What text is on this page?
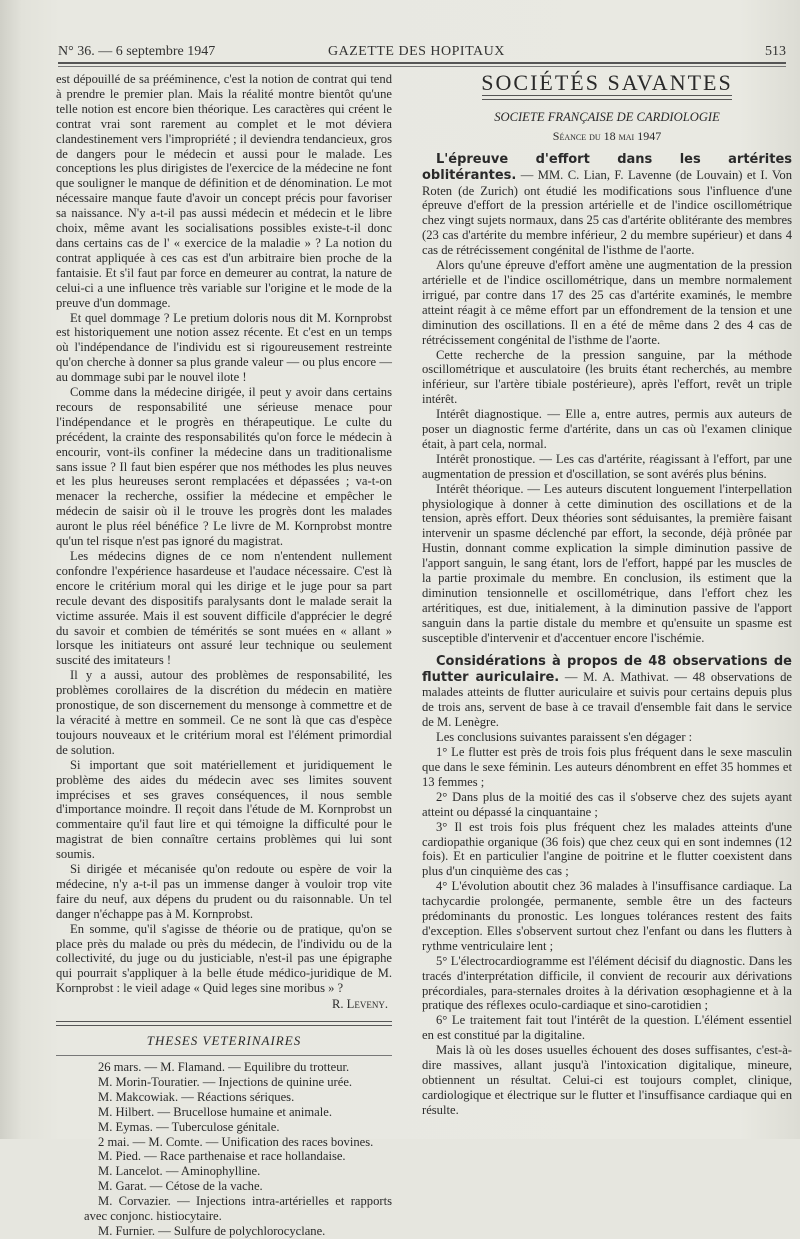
N° 36. — 6 septembre 1947	GAZETTE DES HOPITAUX	513

est dépouillé de sa prééminence, c'est la notion de contrat qui tend à prendre le premier plan. Mais la réalité montre bientôt qu'une telle notion est encore bien théorique. Les caractères qui créent le contrat vrai sont rarement au complet et le mot déviera clandestinement vers l'impropriété ; il deviendra tendancieux, gros de dangers pour le médecin et aussi pour le malade. Les conceptions les plus dirigistes de l'exercice de la médecine ne font que souligner le manque de définition et de dénomination. Le mot nécessaire manque faute d'avoir un concept précis pour favoriser sa naissance. N'y a-t-il pas aussi médecin et médecin et le libre choix, même avant les socialisations possibles existe-t-il donc dans certains cas de l' « exercice de la maladie » ? La notion du contrat appliquée à ces cas est d'un arbitraire bien proche de la fantaisie. Et s'il faut par force en demeurer au contrat, la nature de celui-ci a une influence très variable sur l'origine et le mode de la preuve d'un dommage.

Et quel dommage ? Le pretium doloris nous dit M. Kornprobst est historiquement une notion assez récente. Et c'est en un temps où l'indépendance de l'individu est si rigoureusement restreinte qu'on cherche à donner sa plus grande valeur — ou plus encore — au dommage subi par le nouvel ilote !

Comme dans la médecine dirigée, il peut y avoir dans certains recours de responsabilité une sérieuse menace pour l'indépendance et le progrès en thérapeutique. Le culte du précédent, la crainte des responsabilités qu'on force le médecin à encourir, vont-ils confiner la médecine dans un traditionalisme sans issue ? Il faut bien espérer que nos méthodes les plus neuves et les plus heureuses seront remplacées et dépassées ; va-t-on menacer la recherche, ossifier la médecine et empêcher le médecin de saisir où il le trouve les progrès dont les malades auront le plus réel bénéfice ? Le livre de M. Kornprobst montre qu'un tel risque n'est pas ignoré du magistrat.

Les médecins dignes de ce nom n'entendent nullement confondre l'expérience hasardeuse et l'audace nécessaire. C'est là encore le critérium moral qui les dirige et le juge pour sa part recule devant des dispositifs paralysants dont le malade serait la victime assurée. Mais il est souvent difficile d'apprécier le degré du savoir et combien de témérités se sont muées en « allant » lorsque les initiateurs ont assuré leur technique ou seulement suscité des imitateurs !

Il y a aussi, autour des problèmes de responsabilité, les problèmes corollaires de la discrétion du médecin en matière pronostique, de son discernement du mensonge à commettre et de la véracité à mettre en sommeil. Ce ne sont là que cas d'espèce toujours nouveaux et le critérium moral est l'élément primordial de solution.

Si important que soit matériellement et juridiquement le problème des aides du médecin avec ses limites souvent imprécises et ses graves conséquences, il nous semble d'importance moindre. Il reçoit dans l'étude de M. Kornprobst un commentaire qu'il faut lire et qui témoigne la difficulté pour le magistrat de bien connaître certains problèmes qui lui sont soumis.

Si dirigée et mécanisée qu'on redoute ou espère de voir la médecine, n'y a-t-il pas un immense danger à vouloir trop vite faire du neuf, aux dépens du prudent ou du raisonnable. Un tel danger n'échappe pas à M. Kornprobst.

En somme, qu'il s'agisse de théorie ou de pratique, qu'on se place près du malade ou près du médecin, de l'individu ou de la collectivité, du juge ou du justiciable, n'est-il pas une épigraphe qui pourrait s'appliquer à la belle étude médico-juridique de M. Kornprobst : le vieil adage « Quid leges sine moribus » ?

R. Leveny.
THESES VETERINAIRES

26 mars. — M. Flamand. — Equilibre du trotteur.

M. Morin-Touratier. — Injections de quinine urée.

M. Makcowiak. — Réactions sériques.

M. Hilbert. — Brucellose humaine et animale.

M. Eymas. — Tuberculose génitale.

2 mai. — M. Comte. — Unification des races bovines.

M. Pied. — Race parthenaise et race hollandaise.

M. Lancelot. — Aminophylline.

M. Garat. — Cétose de la vache.

M. Corvazier. — Injections intra-artérielles et rapports avec conjonc. histiocytaire.

M. Furnier. — Sulfure de polychlorocyclane.

SOCIÉTÉS SAVANTES
SOCIETE FRANÇAISE DE CARDIOLOGIE
Séance du 18 mai 1947

L'épreuve d'effort dans les artérites oblitérantes. — MM. C. Lian, F. Lavenne (de Louvain) et I. Von Roten (de Zurich) ont étudié les modifications sous l'influence d'une épreuve d'effort de la pression artérielle et de l'indice oscillométrique chez vingt sujets normaux, dans 25 cas d'artérite oblitérante des membres (23 cas d'artérite du membre inférieur, 2 du membre supérieur) et dans 4 cas de rétrécissement congénital de l'isthme de l'aorte.

Alors qu'une épreuve d'effort amène une augmentation de la pression artérielle et de l'indice oscillométrique, dans un membre normalement irrigué, par contre dans 17 des 25 cas d'artérite examinés, le membre atteint réagit à ce même effort par un effondrement de la tension et une diminution des oscillations. Il en a été de même dans 2 des 4 cas de rétrécissement congénital de l'isthme de l'aorte.

Cette recherche de la pression sanguine, par la méthode oscillométrique et ausculatoire (les bruits étant recherchés, au membre inférieur, sur l'artère tibiale postérieure), après l'effort, revêt un triple intérêt.

Intérêt diagnostique. — Elle a, entre autres, permis aux auteurs de poser un diagnostic ferme d'artérite, dans un cas où l'examen clinique était, à part cela, normal.

Intérêt pronostique. — Les cas d'artérite, réagissant à l'effort, par une augmentation de pression et d'oscillation, se sont avérés plus bénins.

Intérêt théorique. — Les auteurs discutent longuement l'interpellation physiologique à donner à cette diminution des oscillations et de la tension, après effort. Deux théories sont séduisantes, la première faisant intervenir un spasme déclenché par effort, la seconde, déjà prônée par Hustin, donnant comme explication la simple diminution passive de l'apport sanguin, le sang étant, lors de l'effort, happé par les muscles de la partie proximale du membre. En conclusion, ils estiment que la diminution tensionnelle et oscillométrique, dans l'effort chez les artéritiques, est due, initialement, à la diminution passive de l'apport sanguin dans la partie distale du membre et qu'ensuite un spasme est susceptible d'intervenir et d'accentuer encore l'ischémie.

Considérations à propos de 48 observations de flutter auriculaire. — M. A. Mathivat. — 48 observations de malades atteints de flutter auriculaire et suivis pour certains depuis plus de trois ans, servent de base à ce travail d'ensemble fait dans le service de M. Lenègre.

Les conclusions suivantes paraissent s'en dégager :

1° Le flutter est près de trois fois plus fréquent dans le sexe masculin que dans le sexe féminin. Les auteurs dénombrent en effet 35 hommes et 13 femmes ;

2° Dans plus de la moitié des cas il s'observe chez des sujets ayant atteint ou dépassé la cinquantaine ;

3° Il est trois fois plus fréquent chez les malades atteints d'une cardiopathie organique (36 fois) que chez ceux qui en sont indemnes (12 fois). Et en particulier l'angine de poitrine et le flutter coexistent dans plus d'un cinquième des cas ;

4° L'évolution aboutit chez 36 malades à l'insuffisance cardiaque. La tachycardie prolongée, permanente, semble être un des facteurs prédominants du pronostic. Les longues tolérances restent des faits d'exception. Elles s'observent surtout chez l'enfant ou dans les flutters à rythme ventriculaire lent ;

5° L'électrocardiogramme est l'élément décisif du diagnostic. Dans les tracés d'interprétation difficile, il convient de recourir aux dérivations précordiales, para-sternales droites à la dérivation œsophagienne et à la pratique des réflexes oculo-cardiaque et sino-carotidien ;

6° Le traitement fait tout l'intérêt de la question. L'élément essentiel en est constitué par la digitaline.

Mais là où les doses usuelles échouent des doses suffisantes, c'est-à-dire massives, allant jusqu'à l'intoxication digitalique, mineure, obtiennent un résultat. Celui-ci est toujours complet, clinique, cardiologique et électrique sur le flutter et l'insuffisance cardiaque qui en résulte.
